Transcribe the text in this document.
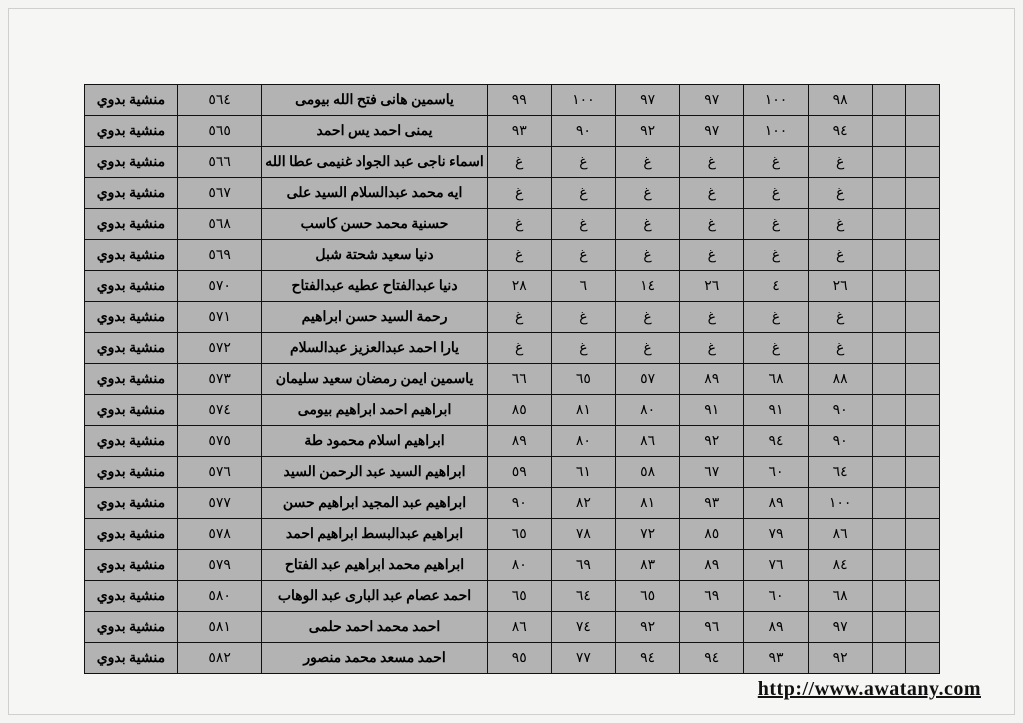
		٩٨	١٠٠	٩٧	٩٧	١٠٠	٩٩	ياسمين هانى فتح الله بيومى	٥٦٤	منشية بدوي
		٩٤	١٠٠	٩٧	٩٢	٩٠	٩٣	يمنى احمد يس احمد	٥٦٥	منشية بدوي
		غ	غ	غ	غ	غ	غ	اسماء ناجى عبد الجواد غنيمى عطا الله	٥٦٦	منشية بدوي
		غ	غ	غ	غ	غ	غ	ايه محمد عبدالسلام السيد على	٥٦٧	منشية بدوي
		غ	غ	غ	غ	غ	غ	حسنية محمد حسن كاسب	٥٦٨	منشية بدوي
		غ	غ	غ	غ	غ	غ	دنيا سعيد شحتة شبل	٥٦٩	منشية بدوي
		٢٦	٤	٢٦	١٤	٦	٢٨	دنيا عبدالفتاح عطيه عبدالفتاح	٥٧٠	منشية بدوي
		غ	غ	غ	غ	غ	غ	رحمة السيد حسن ابراهيم	٥٧١	منشية بدوي
		غ	غ	غ	غ	غ	غ	يارا احمد عبدالعزيز عبدالسلام	٥٧٢	منشية بدوي
		٨٨	٦٨	٨٩	٥٧	٦٥	٦٦	ياسمين ايمن رمضان سعيد سليمان	٥٧٣	منشية بدوي
		٩٠	٩١	٩١	٨٠	٨١	٨٥	ابراهيم احمد ابراهيم بيومى	٥٧٤	منشية بدوي
		٩٠	٩٤	٩٢	٨٦	٨٠	٨٩	ابراهيم اسلام محمود طة	٥٧٥	منشية بدوي
		٦٤	٦٠	٦٧	٥٨	٦١	٥٩	ابراهيم السيد عبد الرحمن السيد	٥٧٦	منشية بدوي
		١٠٠	٨٩	٩٣	٨١	٨٢	٩٠	ابراهيم عبد المجيد ابراهيم حسن	٥٧٧	منشية بدوي
		٨٦	٧٩	٨٥	٧٢	٧٨	٦٥	ابراهيم عبدالبسط ابراهيم احمد	٥٧٨	منشية بدوي
		٨٤	٧٦	٨٩	٨٣	٦٩	٨٠	ابراهيم محمد ابراهيم عبد الفتاح	٥٧٩	منشية بدوي
		٦٨	٦٠	٦٩	٦٥	٦٤	٦٥	احمد عصام عبد البارى عبد الوهاب	٥٨٠	منشية بدوي
		٩٧	٨٩	٩٦	٩٢	٧٤	٨٦	احمد محمد احمد حلمى	٥٨١	منشية بدوي
		٩٢	٩٣	٩٤	٩٤	٧٧	٩٥	احمد مسعد محمد منصور	٥٨٢	منشية بدوي
http://www.awatany.com
